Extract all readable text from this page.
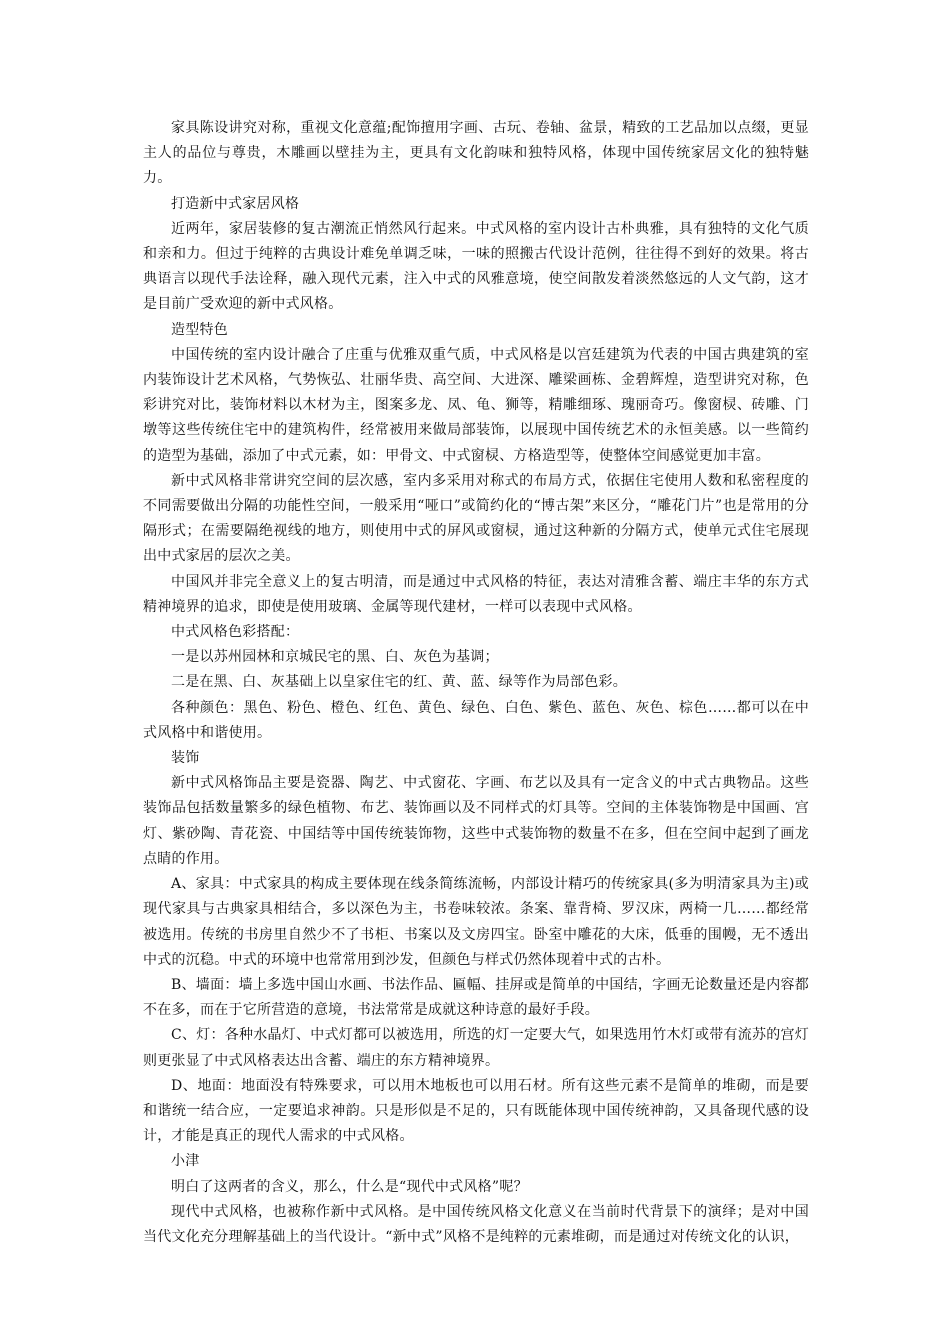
家具陈设讲究对称，重视文化意蕴;配饰擅用字画、古玩、卷轴、盆景，精致的工艺品加以点缀，更显主人的品位与尊贵，木雕画以壁挂为主，更具有文化韵味和独特风格，体现中国传统家居文化的独特魅力。

打造新中式家居风格

近两年，家居装修的复古潮流正悄然风行起来。中式风格的室内设计古朴典雅，具有独特的文化气质和亲和力。但过于纯粹的古典设计难免单调乏味，一味的照搬古代设计范例，往往得不到好的效果。将古典语言以现代手法诠释，融入现代元素，注入中式的风雅意境，使空间散发着淡然悠远的人文气韵，这才是目前广受欢迎的新中式风格。

造型特色

中国传统的室内设计融合了庄重与优雅双重气质，中式风格是以宫廷建筑为代表的中国古典建筑的室内装饰设计艺术风格，气势恢弘、壮丽华贵、高空间、大进深、雕梁画栋、金碧辉煌，造型讲究对称，色彩讲究对比，装饰材料以木材为主，图案多龙、凤、龟、狮等，精雕细琢、瑰丽奇巧。像窗棂、砖雕、门墩等这些传统住宅中的建筑构件，经常被用来做局部装饰，以展现中国传统艺术的永恒美感。以一些简约的造型为基础，添加了中式元素，如：甲骨文、中式窗棂、方格造型等，使整体空间感觉更加丰富。

新中式风格非常讲究空间的层次感，室内多采用对称式的布局方式，依据住宅使用人数和私密程度的不同需要做出分隔的功能性空间，一般采用“哑口”或简约化的“博古架”来区分，“雕花门片”也是常用的分隔形式；在需要隔绝视线的地方，则使用中式的屏风或窗棂，通过这种新的分隔方式，使单元式住宅展现出中式家居的层次之美。

中国风并非完全意义上的复古明清，而是通过中式风格的特征，表达对清雅含蓄、端庄丰华的东方式精神境界的追求，即使是使用玻璃、金属等现代建材，一样可以表现中式风格。

中式风格色彩搭配：

一是以苏州园林和京城民宅的黑、白、灰色为基调；

二是在黑、白、灰基础上以皇家住宅的红、黄、蓝、绿等作为局部色彩。

各种颜色：黑色、粉色、橙色、红色、黄色、绿色、白色、紫色、蓝色、灰色、棕色……都可以在中式风格中和谐使用。

装饰

新中式风格饰品主要是瓷器、陶艺、中式窗花、字画、布艺以及具有一定含义的中式古典物品。这些装饰品包括数量繁多的绿色植物、布艺、装饰画以及不同样式的灯具等。空间的主体装饰物是中国画、宫灯、紫砂陶、青花瓷、中国结等中国传统装饰物，这些中式装饰物的数量不在多，但在空间中起到了画龙点睛的作用。

A、家具：中式家具的构成主要体现在线条简练流畅，内部设计精巧的传统家具(多为明清家具为主)或现代家具与古典家具相结合，多以深色为主，书卷味较浓。条案、靠背椅、罗汉床，两椅一几……都经常被选用。传统的书房里自然少不了书柜、书案以及文房四宝。卧室中雕花的大床，低垂的围幔，无不透出中式的沉稳。中式的环境中也常常用到沙发，但颜色与样式仍然体现着中式的古朴。

B、墙面：墙上多选中国山水画、书法作品、匾幅、挂屏或是简单的中国结，字画无论数量还是内容都不在多，而在于它所营造的意境，书法常常是成就这种诗意的最好手段。

C、灯：各种水晶灯、中式灯都可以被选用，所选的灯一定要大气，如果选用竹木灯或带有流苏的宫灯则更张显了中式风格表达出含蓄、端庄的东方精神境界。

D、地面：地面没有特殊要求，可以用木地板也可以用石材。所有这些元素不是简单的堆砌，而是要和谐统一结合应，一定要追求神韵。只是形似是不足的，只有既能体现中国传统神韵，又具备现代感的设计，才能是真正的现代人需求的中式风格。

小津

明白了这两者的含义，那么，什么是“现代中式风格”呢？

现代中式风格，也被称作新中式风格。是中国传统风格文化意义在当前时代背景下的演绎；是对中国当代文化充分理解基础上的当代设计。“新中式”风格不是纯粹的元素堆砌，而是通过对传统文化的认识，
